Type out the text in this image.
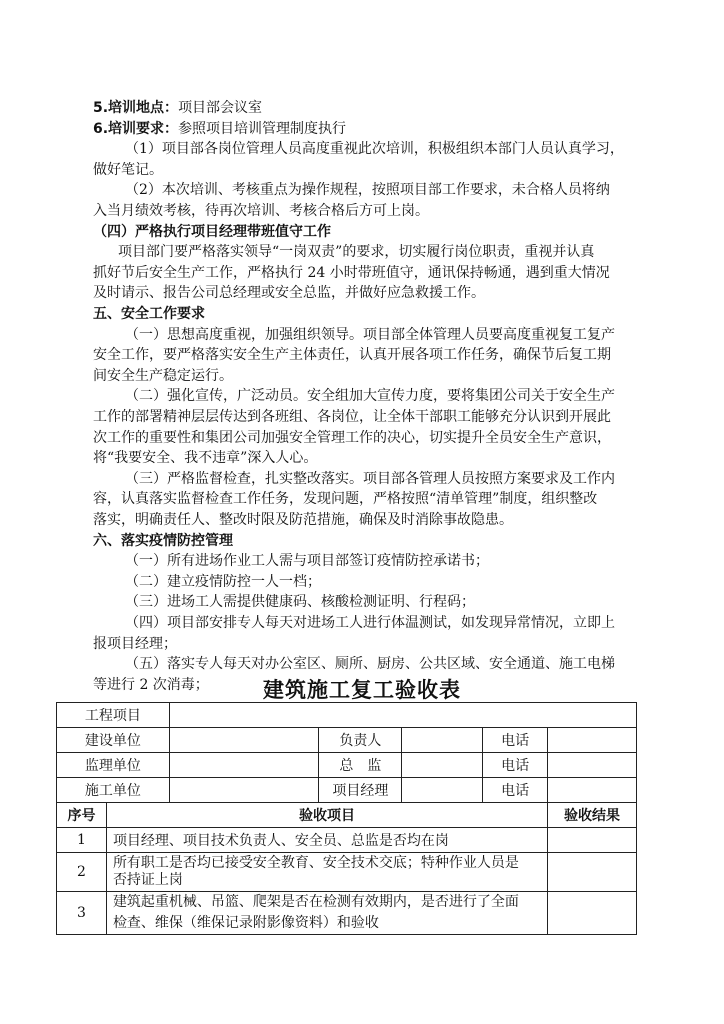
5.培训地点：项目部会议室
6.培训要求：参照项目培训管理制度执行
（1）项目部各岗位管理人员高度重视此次培训，积极组织本部门人员认真学习，
做好笔记。
（2）本次培训、考核重点为操作规程，按照项目部工作要求，未合格人员将纳
入当月绩效考核，待再次培训、考核合格后方可上岗。
（四）严格执行项目经理带班值守工作
项目部门要严格落实领导“一岗双责”的要求，切实履行岗位职责，重视并认真
抓好节后安全生产工作，严格执行 24 小时带班值守，通讯保持畅通，遇到重大情况
及时请示、报告公司总经理或安全总监，并做好应急救援工作。
五、安全工作要求
（一）思想高度重视，加强组织领导。项目部全体管理人员要高度重视复工复产
安全工作，要严格落实安全生产主体责任，认真开展各项工作任务，确保节后复工期
间安全生产稳定运行。
（二）强化宣传，广泛动员。安全组加大宣传力度，要将集团公司关于安全生产
工作的部署精神层层传达到各班组、各岗位，让全体干部职工能够充分认识到开展此
次工作的重要性和集团公司加强安全管理工作的决心，切实提升全员安全生产意识，
将“我要安全、我不违章”深入人心。
（三）严格监督检查，扎实整改落实。项目部各管理人员按照方案要求及工作内
容，认真落实监督检查工作任务，发现问题，严格按照“清单管理”制度，组织整改
落实，明确责任人、整改时限及防范措施，确保及时消除事故隐患。
六、落实疫情防控管理
（一）所有进场作业工人需与项目部签订疫情防控承诺书；
（二）建立疫情防控一人一档；
（三）进场工人需提供健康码、核酸检测证明、行程码；
（四）项目部安排专人每天对进场工人进行体温测试，如发现异常情况，立即上
报项目经理；
（五）落实专人每天对办公室区、厕所、厨房、公共区域、安全通道、施工电梯
等进行 2 次消毒；	建筑施工复工验收表
工程项目						
建设单位			负责人		电话	
监理单位			总　监		电话	
施工单位			项目经理		电话	
序号	验收项目					验收结果
1	项目经理、项目技术负责人、安全员、总监是否均在岗					
2	所有职工是否均已接受安全教育、安全技术交底；特种作业人员是
否持证上岗					
3	建筑起重机械、吊篮、爬架是否在检测有效期内，是否进行了全面
检查、维保（维保记录附影像资料）和验收					
